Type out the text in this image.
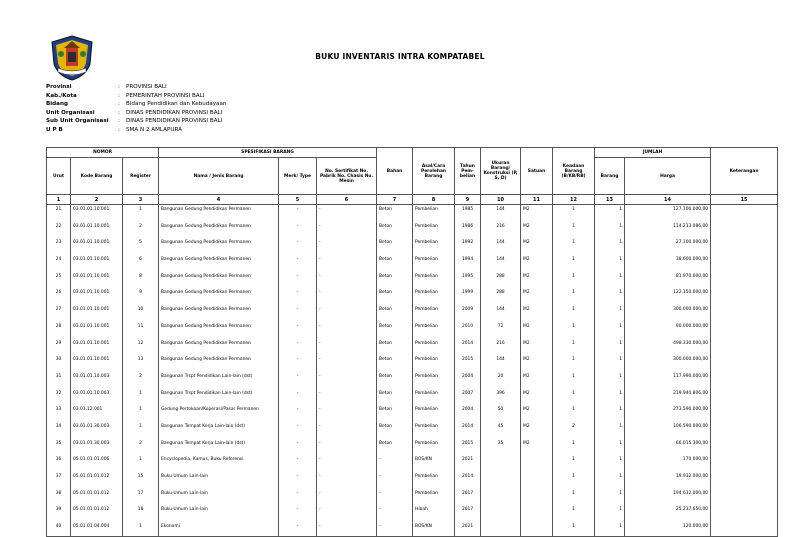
BUKU INVENTARIS INTRA KOMPATABEL
Provinsi	:	PROVINSI BALI
Kab./Kota	:	PEMERINTAH PROVINSI BALI
Bidang	:	Bidang Pendidikan dan Kebudayaan
Unit Organisasi	:	DINAS PENDIDIKAN PROVINSI BALI
Sub Unit Organisasi	:	DINAS PENDIDIKAN PROVINSI BALI
U P B	:	SMA N 2 AMLAPURA
NOMOR			SPESIFIKASI BARANG			Bahan	Asal/Cara Perolehan Barang	Tahun Pem-belian	Ukuran Barang/ Konstruksi (P, S, D)	Satuan	Keadaan Barang (B/KB/RB)	JUMLAH		Keterangan
Urut	Kode Barang	Register	Nama / Jenis Barang	Merk/ Type	No. Sertifikat No. Pabrik No. Chasis No. Mesin							Barang	Harga	
1	2	3	4	5	6	7	8	9	10	11	12	13	14	15
21	03.01.01.10.001	1	Bangunan Gedung Pendidikan Permanen	-	-	Beton	Pembelian	1985	144	M2	1	1	127.100.000,00	
22	03.01.01.10.001	2	Bangunan Gedung Pendidikan Permanen	-	-	Beton	Pembelian	1986	216	M2	1	1	114.213.086,00	
23	03.01.01.10.001	5	Bangunan Gedung Pendidikan Permanen	-	-	Beton	Pembelian	1992	144	M2	1	1	27.100.000,00	
24	03.01.01.10.001	6	Bangunan Gedung Pendidikan Permanen	-	-	Beton	Pembelian	1994	144	M2	1	1	38.600.000,00	
25	03.01.01.10.001	8	Bangunan Gedung Pendidikan Permanen	-	-	Beton	Pembelian	1995	288	M2	1	1	81.970.000,00	
26	03.01.01.10.001	9	Bangunan Gedung Pendidikan Permanen	-	-	Beton	Pembelian	1999	288	M2	1	1	122.150.000,00	
27	03.01.01.10.001	10	Bangunan Gedung Pendidikan Permanen	-	-	Beton	Pembelian	2009	144	M2	1	1	300.000.000,00	
28	03.01.01.10.001	11	Bangunan Gedung Pendidikan Permanen	-	-	Beton	Pembelian	2010	72	M2	1	1	90.000.000,00	
29	03.01.01.10.001	12	Bangunan Gedung Pendidikan Permanen	-	-	Beton	Pembelian	2014	216	M2	1	1	498.330.000,00	
30	03.01.01.10.001	13	Bangunan Gedung Pendidikan Permanen	-	-	Beton	Pembelian	2015	144	M2	1	1	300.000.000,00	
31	03.01.01.10.003	2	Bangunan Trspt Pendidikan Lain-lain (dst)	-	-	Beton	Pembelian	2004	20	M2	1	1	117.990.000,00	
32	03.01.01.10.003	1	Bangunan Trspt Pendidikan Lain-lain (dst)	-	-	Beton	Pembelian	2007	396	M2	1	1	219.940.806,00	
33	03.01.12.001	1	Gedung Pertokoan/Koperasi/Pasar Permanen	-	-	Beton	Pembelian	2004	50	M2	1	1	273.590.000,00	
34	03.01.01.30.003	1	Bangunan Tempat Kerja Lain-lain (dst)	-	-	Beton	Pembelian	2014	45	M2	2	1	106.590.000,00	
35	03.01.01.30.003	2	Bangunan Tempat Kerja Lain-lain (dst)	-	-	Beton	Pembelian	2015	35	M2	1	1	66.015.300,00	
36	05.01.01.01.006	1	Encyclopedia, Kamus, Buku Referensi	-	-	-	BOS/KN	2021			1	1	170.000,00	
37	05.01.01.01.012	15	Buku Umum Lain-lain	-	-	-	Pembelian	2014			1	1	19.932.000,00	
38	05.01.01.01.012	17	Buku Umum Lain-lain	-	-	-	Pembelian	2017			1	1	194.632.000,00	
39	05.01.01.01.012	18	Buku Umum Lain-lain	-	-	-	Hibah	2017			1	1	25.237.650,00	
40	05.01.01.04.004	1	Ekonomi	-	-	-	BOS/KN	2021			1	1	120.000,00	
